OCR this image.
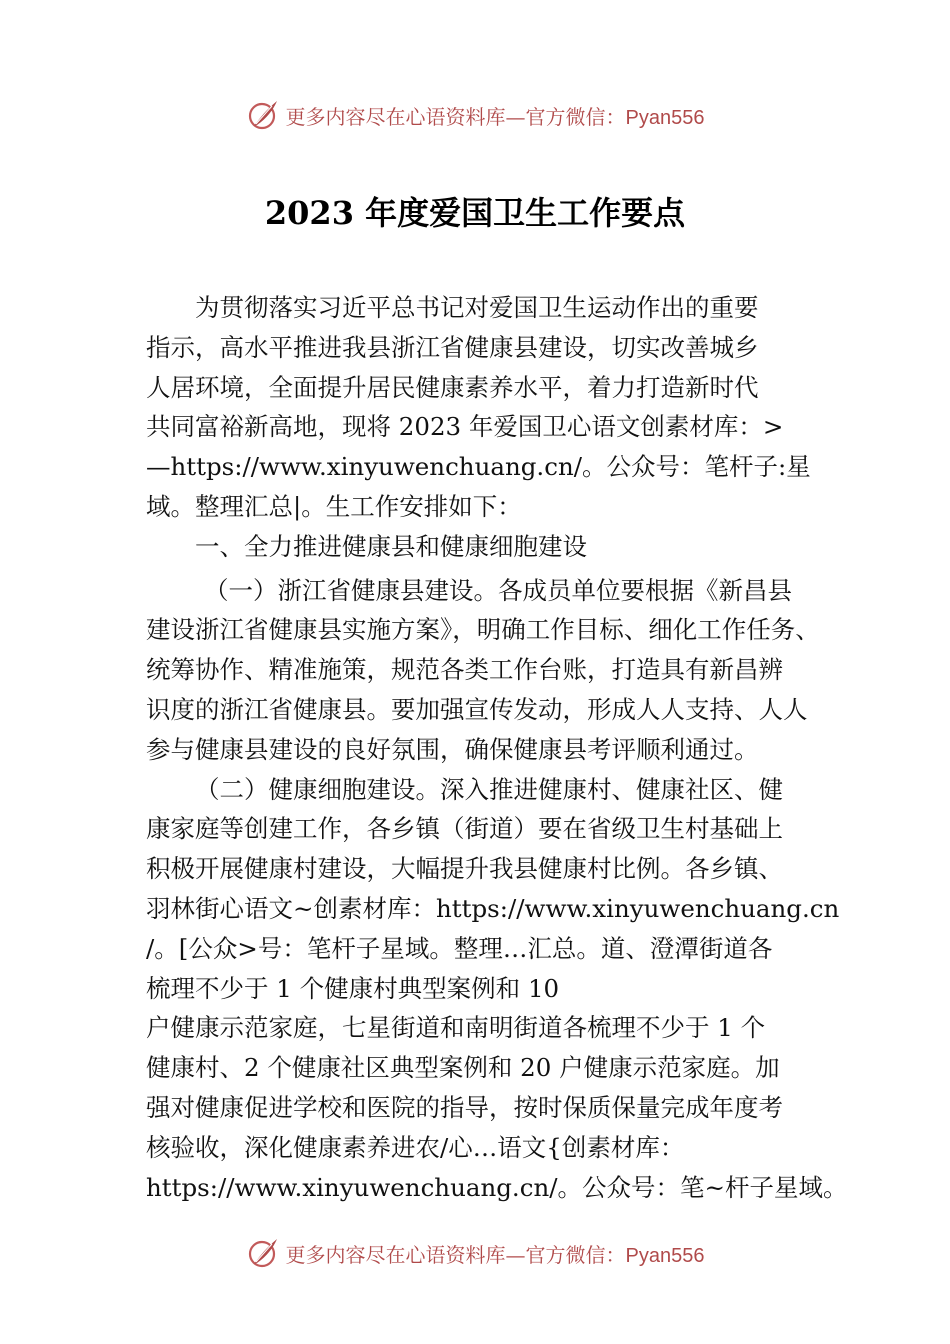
更多内容尽在心语资料库—官方微信：Pyan556
2023 年度爱国卫生工作要点
为贯彻落实习近平总书记对爱国卫生运动作出的重要
指示，高水平推进我县浙江省健康县建设，切实改善城乡
人居环境，全面提升居民健康素养水平，着力打造新时代
共同富裕新高地，现将 2023 年爱国卫心语文创素材库：>
—https://www.xinyuwenchuang.cn/。公众号：笔杆子:星
域。整理汇总|。生工作安排如下：
一、全力推进健康县和健康细胞建设
（一）浙江省健康县建设。各成员单位要根据《新昌县
建设浙江省健康县实施方案》，明确工作目标、细化工作任务、
统筹协作、精准施策，规范各类工作台账，打造具有新昌辨
识度的浙江省健康县。要加强宣传发动，形成人人支持、人人
参与健康县建设的良好氛围，确保健康县考评顺利通过。
（二）健康细胞建设。深入推进健康村、健康社区、健
康家庭等创建工作，各乡镇（街道）要在省级卫生村基础上
积极开展健康村建设，大幅提升我县健康村比例。各乡镇、
羽林街心语文~创素材库：https://www.xinyuwenchuang.cn
/。[公众>号：笔杆子星域。整理…汇总。道、澄潭街道各
梳理不少于 1 个健康村典型案例和 10
户健康示范家庭，七星街道和南明街道各梳理不少于 1 个
健康村、2 个健康社区典型案例和 20 户健康示范家庭。加
强对健康促进学校和医院的指导，按时保质保量完成年度考
核验收，深化健康素养进农/心…语文{创素材库：
https://www.xinyuwenchuang.cn/。公众号：笔~杆子星域。
更多内容尽在心语资料库—官方微信：Pyan556
